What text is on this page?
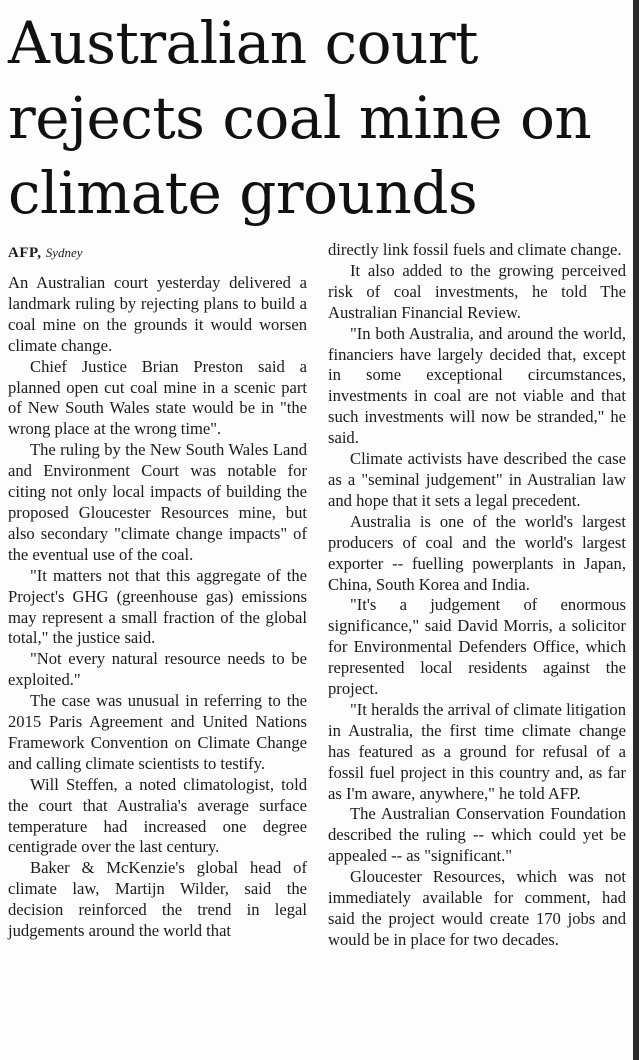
Australian court
rejects coal mine on
climate grounds

AFP, Sydney

An Australian court yesterday delivered a landmark ruling by rejecting plans to build a coal mine on the grounds it would worsen climate change.

Chief Justice Brian Preston said a planned open cut coal mine in a scenic part of New South Wales state would be in "the wrong place at the wrong time".

The ruling by the New South Wales Land and Environment Court was notable for citing not only local impacts of building the proposed Gloucester Resources mine, but also secondary "climate change impacts" of the eventual use of the coal.

"It matters not that this aggregate of the Project's GHG (greenhouse gas) emissions may represent a small fraction of the global total," the justice said.

"Not every natural resource needs to be exploited."

The case was unusual in referring to the 2015 Paris Agreement and United Nations Framework Convention on Climate Change and calling climate scientists to testify.

Will Steffen, a noted climatologist, told the court that Australia's average surface temperature had increased one degree centigrade over the last century.

Baker & McKenzie's global head of climate law, Martijn Wilder, said the decision reinforced the trend in legal judgements around the world that

directly link fossil fuels and climate change.

It also added to the growing perceived risk of coal investments, he told The Australian Financial Review.

"In both Australia, and around the world, financiers have largely decided that, except in some exceptional circumstances, investments in coal are not viable and that such investments will now be stranded," he said.

Climate activists have described the case as a "seminal judgement" in Australian law and hope that it sets a legal precedent.

Australia is one of the world's largest producers of coal and the world's largest exporter -- fuelling powerplants in Japan, China, South Korea and India.

"It's a judgement of enormous significance," said David Morris, a solicitor for Environmental Defenders Office, which represented local residents against the project.

"It heralds the arrival of climate litigation in Australia, the first time climate change has featured as a ground for refusal of a fossil fuel project in this country and, as far as I'm aware, anywhere," he told AFP.

The Australian Conservation Foundation described the ruling -- which could yet be appealed -- as "significant."

Gloucester Resources, which was not immediately available for comment, had said the project would create 170 jobs and would be in place for two decades.
